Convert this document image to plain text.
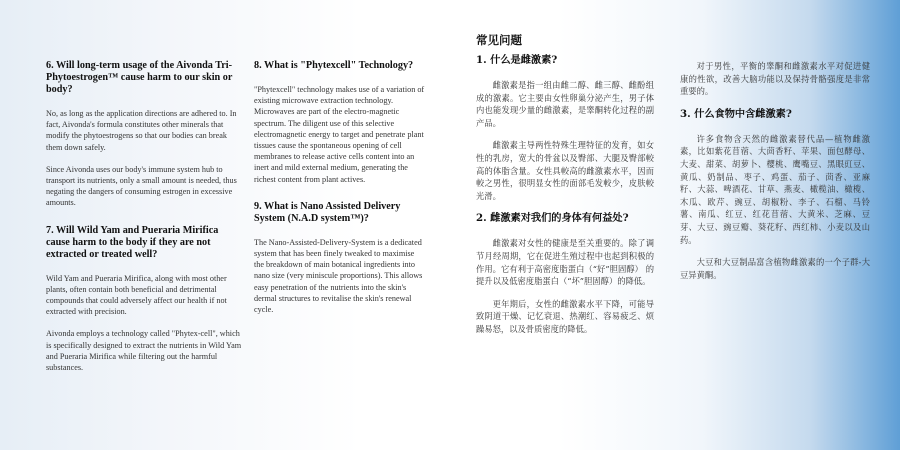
6. Will long-term usage of the Aivonda Tri-Phytoestrogen™ cause harm to our skin or body?

No, as long as the application directions are adhered to. In fact, Aivonda's formula constitutes other minerals that modify the phytoestrogens so that our bodies can break them down safely.

Since Aivonda uses our body's immune system hub to transport its nutrients, only a small amount is needed, thus negating the dangers of consuming estrogen in excessive amounts.

7. Will Wild Yam and Pueraria Mirifica cause harm to the body if they are not extracted or treated well?

Wild Yam and Pueraria Mirifica, along with most other plants, often contain both beneficial and detrimental compounds that could adversely affect our health if not extracted with precision.

Aivonda employs a technology called "Phytex-cell", which is specifically designed to extract the nutrients in Wild Yam and Pueraria Mirifica while filtering out the harmful substances.

8. What is "Phytexcell" Technology?

"Phytexcell" technology makes use of a variation of existing microwave extraction technology. Microwaves are part of the electro-magnetic spectrum. The diligent use of this selective electromagnetic energy to target and penetrate plant tissues cause the spontaneous opening of cell membranes to release active cells content into an inert and mild external medium, generating the richest content from plant actives.

9. What is Nano Assisted Delivery System (N.A.D system™)?

The Nano-Assisted-Delivery-System is a dedicated system that has been finely tweaked to maximise the breakdown of main botanical ingredients into nano size (very miniscule proportions). This allows easy penetration of the nutrients into the skin's dermal structures to revitalise the skin's renewal cycle.

常见问题
1. 什么是雌激素?

雌激素是指一组由雌二醇、雌三醇、雌酚组成的激素。它主要由女性卵巢分泌产生，男子体内也能发现少量的雌激素，是睾酮转化过程的副产品。

雌激素主导两性特殊生理特征的发育，如女性的乳房，宽大的骨盆以及臀部、大腿及臀部較高的体脂含量。女性具較高的雌激素水平，因而較之男性，很明显女性的面部毛发較少，皮肤較光滑。

2. 雌激素对我们的身体有何益处?

雌激素对女性的健康是至关重要的。除了调节月经周期，它在促进生殖过程中也起到积极的作用。它有利于高密度脂蛋白（“好”胆固醇） 的提升以及低密度脂蛋白（“坏”胆固醇）的降低。

更年期后，女性的雌激素水平下降，可能导致阴道干燥、记忆衰退、热潮红、容易疲乏、烦躁易怒，以及骨质密度的降低。

对于男性，平衡的睾酮和雌激素水平对促进健康的性欲，改善大脑功能以及保持骨骼强度是非常重要的。

3. 什么食物中含雌激素?

许多食物含天然的雌激素替代品—植物雌激素，比如紫花苜蓿、大茴香籽、苹果、面包酵母、大麦、甜菜、胡萝卜、樱桃、鹰嘴豆、黑眼豇豆、黄瓜、奶制品、枣子、鸡蛋、茄子、茴香、亚麻籽、大蒜、啤酒花、甘草、燕麦、橄榄油、橄榄、木瓜、欧芹、豌豆、胡椒粉、李子、石榴、马铃薯、南瓜、红豆、红花苜蓿、大黄米、芝麻、豆芽、大豆、豌豆瓣、葵花籽、西红柿、小麦以及山药。

大豆和大豆制品富含植物雌激素的一个子群-大豆异黄酮。
